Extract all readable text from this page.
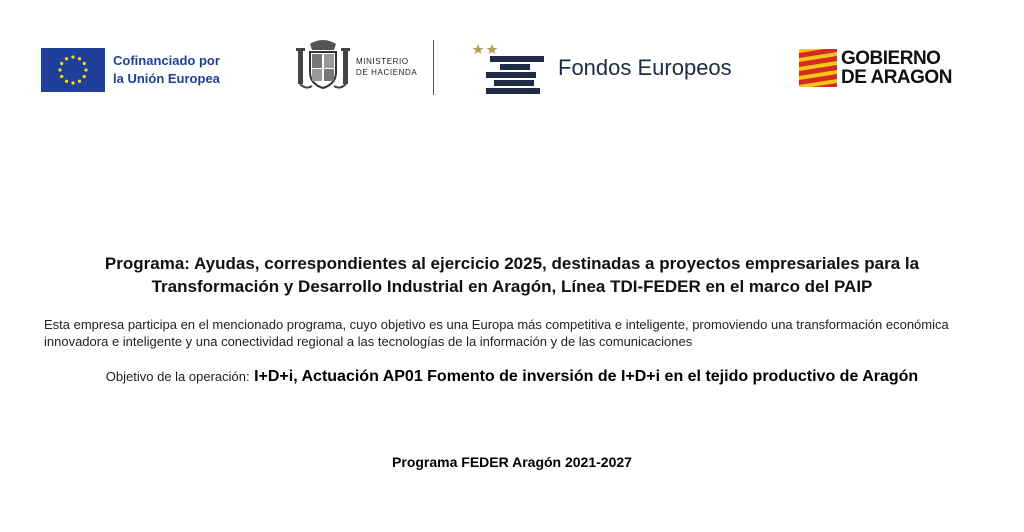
Cofinanciado por
la Unión Europea
MINISTERIO
DE HACIENDA	Fondos Europeos	GOBIERNO
DE ARAGON
Programa: Ayudas, correspondientes al ejercicio 2025, destinadas a proyectos empresariales para la
Transformación y Desarrollo Industrial en Aragón, Línea TDI-FEDER en el marco del PAIP
Esta empresa participa en el mencionado programa, cuyo objetivo es una Europa más competitiva e inteligente, promoviendo una transformación económica innovadora e inteligente y una conectividad regional a las tecnologías de la información y de las comunicaciones
Objetivo de la operación: I+D+i, Actuación AP01 Fomento de inversión de I+D+i en el tejido productivo de Aragón
Programa FEDER Aragón 2021-2027
